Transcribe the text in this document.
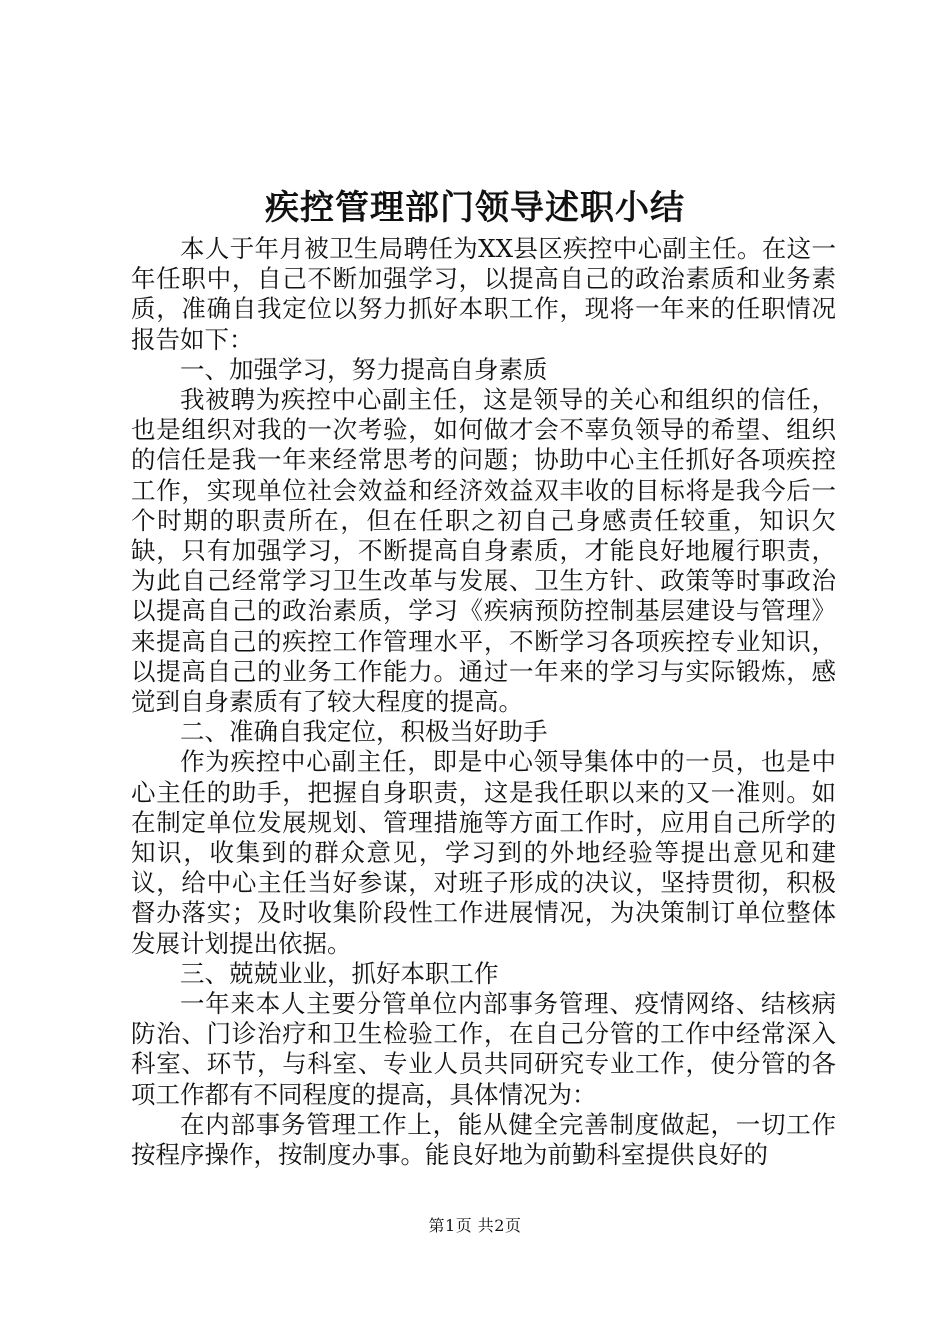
疾控管理部门领导述职小结

本人于年月被卫生局聘任为XX县区疾控中心副主任。在这一年任职中，自己不断加强学习，以提高自己的政治素质和业务素质，准确自我定位以努力抓好本职工作，现将一年来的任职情况报告如下：

一、加强学习，努力提高自身素质

我被聘为疾控中心副主任，这是领导的关心和组织的信任，也是组织对我的一次考验，如何做才会不辜负领导的希望、组织的信任是我一年来经常思考的问题；协助中心主任抓好各项疾控工作，实现单位社会效益和经济效益双丰收的目标将是我今后一个时期的职责所在，但在任职之初自己身感责任较重，知识欠缺，只有加强学习，不断提高自身素质，才能良好地履行职责，为此自己经常学习卫生改革与发展、卫生方针、政策等时事政治以提高自己的政治素质，学习《疾病预防控制基层建设与管理》来提高自己的疾控工作管理水平，不断学习各项疾控专业知识，以提高自己的业务工作能力。通过一年来的学习与实际锻炼，感觉到自身素质有了较大程度的提高。

二、准确自我定位，积极当好助手

作为疾控中心副主任，即是中心领导集体中的一员，也是中心主任的助手，把握自身职责，这是我任职以来的又一准则。如在制定单位发展规划、管理措施等方面工作时，应用自己所学的知识，收集到的群众意见，学习到的外地经验等提出意见和建议，给中心主任当好参谋，对班子形成的决议，坚持贯彻，积极督办落实；及时收集阶段性工作进展情况，为决策制订单位整体发展计划提出依据。

三、兢兢业业，抓好本职工作

一年来本人主要分管单位内部事务管理、疫情网络、结核病防治、门诊治疗和卫生检验工作，在自己分管的工作中经常深入科室、环节，与科室、专业人员共同研究专业工作，使分管的各项工作都有不同程度的提高，具体情况为：

在内部事务管理工作上，能从健全完善制度做起，一切工作按程序操作，按制度办事。能良好地为前勤科室提供良好的

第1页 共2页
